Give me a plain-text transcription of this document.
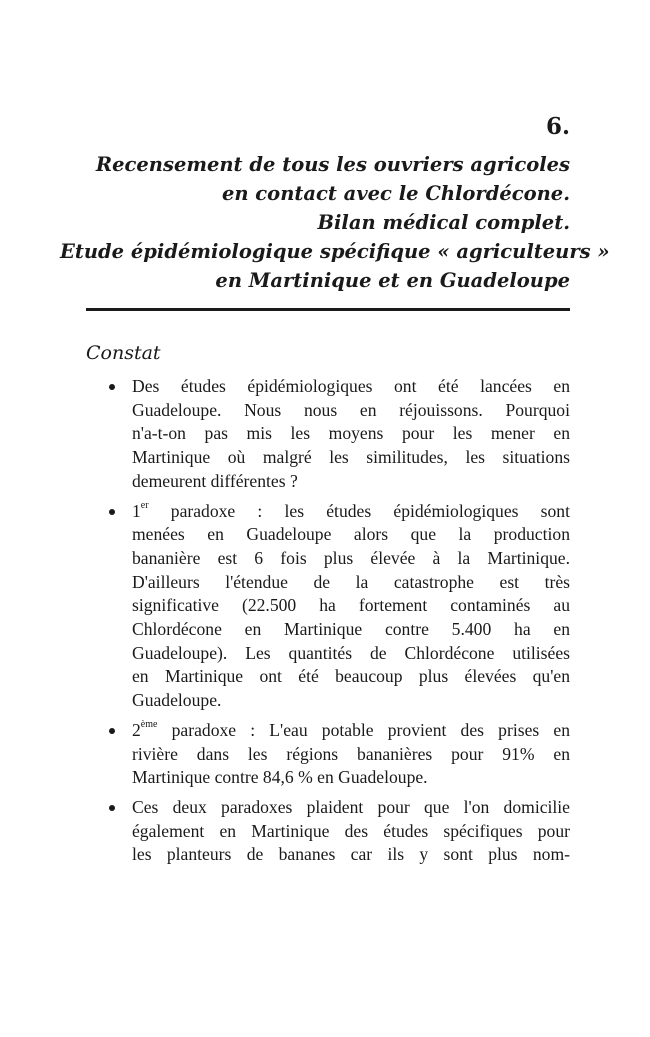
6.
Recensement de tous les ouvriers agricoles
en contact avec le Chlordécone.
Bilan médical complet.
Etude épidémiologique spécifique « agriculteurs »
en Martinique et en Guadeloupe
Constat
Des études épidémiologiques ont été lancées en
Guadeloupe. Nous nous en réjouissons. Pourquoi
n'a-t-on pas mis les moyens pour les mener en
Martinique où malgré les similitudes, les situations
demeurent différentes ?
1er paradoxe : les études épidémiologiques sont
menées en Guadeloupe alors que la production
bananière est 6 fois plus élevée à la Martinique.
D'ailleurs l'étendue de la catastrophe est très
significative (22.500 ha fortement contaminés au
Chlordécone en Martinique contre 5.400 ha en
Guadeloupe). Les quantités de Chlordécone utilisées
en Martinique ont été beaucoup plus élevées qu'en
Guadeloupe.
2ème paradoxe : L'eau potable provient des prises en
rivière dans les régions bananières pour 91% en
Martinique contre 84,6 % en Guadeloupe.
Ces deux paradoxes plaident pour que l'on domicilie
également en Martinique des études spécifiques pour
les planteurs de bananes car ils y sont plus nom-
